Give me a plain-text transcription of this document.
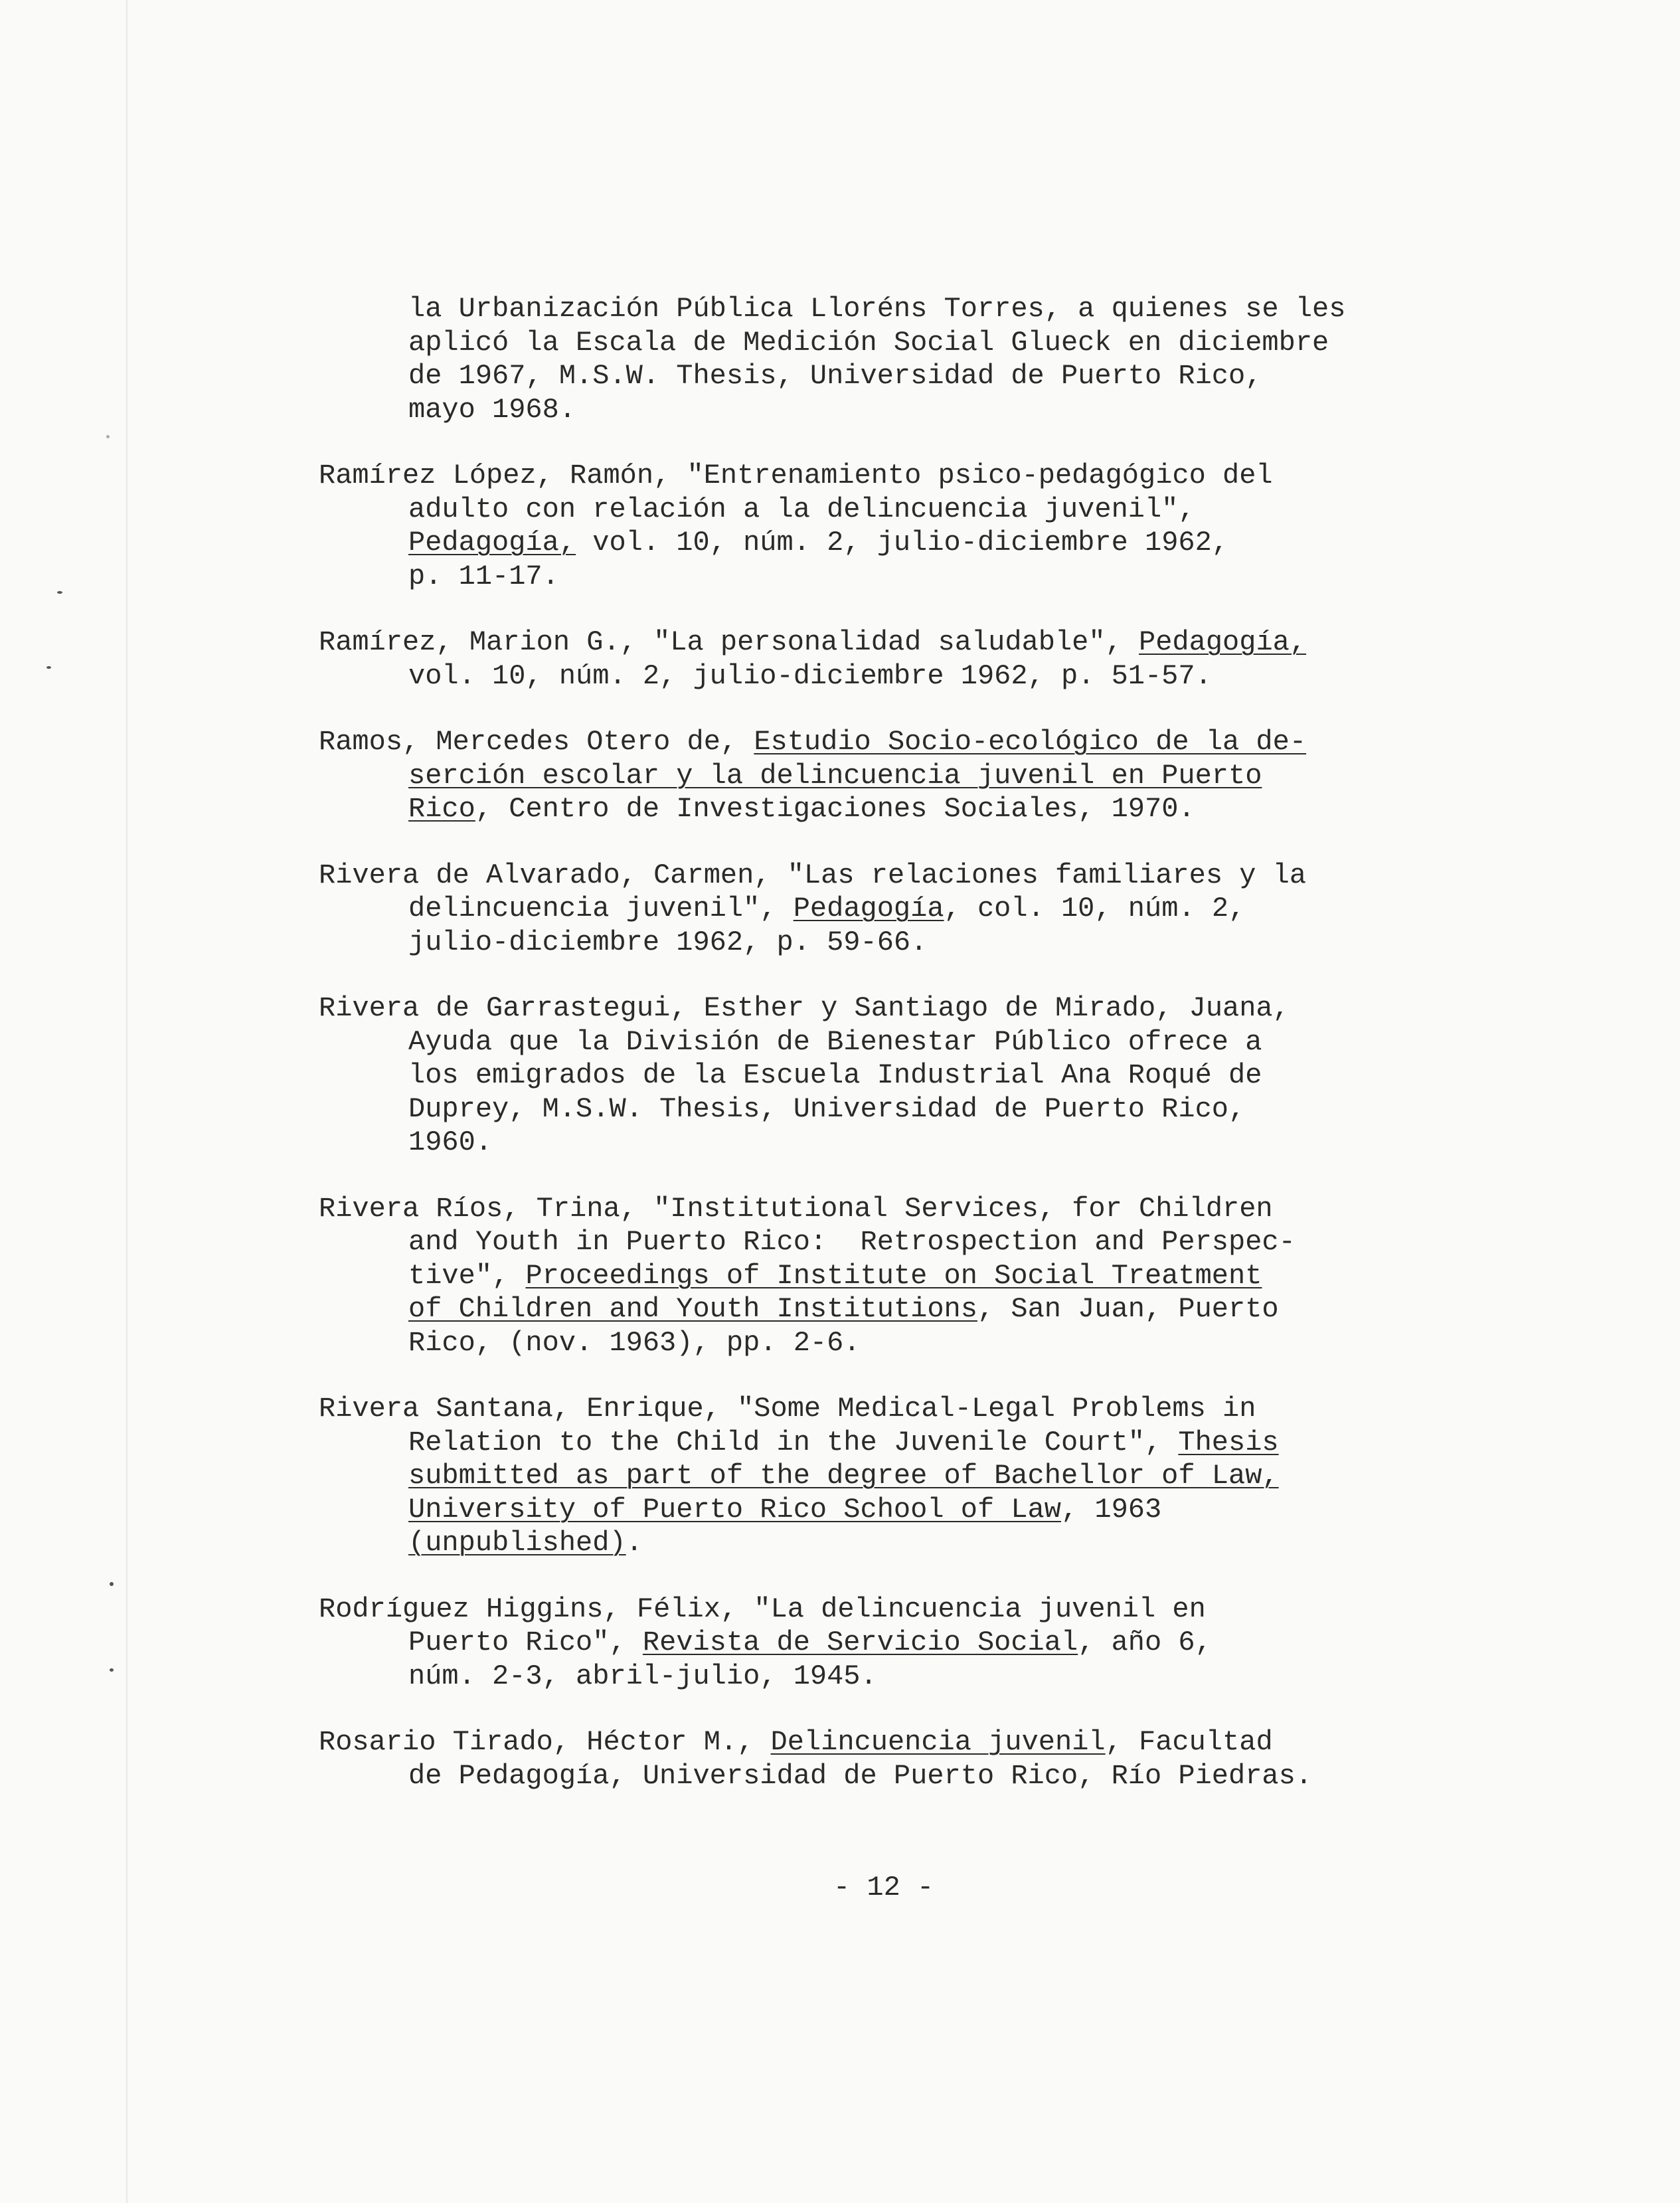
la Urbanización Pública Lloréns Torres, a quienes se les
aplicó la Escala de Medición Social Glueck en diciembre
de 1967, M.S.W. Thesis, Universidad de Puerto Rico,
mayo 1968.
Ramírez López, Ramón, "Entrenamiento psico-pedagógico del
adulto con relación a la delincuencia juvenil",
Pedagogía, vol. 10, núm. 2, julio-diciembre 1962,
p. 11-17.
Ramírez, Marion G., "La personalidad saludable", Pedagogía,
vol. 10, núm. 2, julio-diciembre 1962, p. 51-57.
Ramos, Mercedes Otero de, Estudio Socio-ecológico de la de-
serción escolar y la delincuencia juvenil en Puerto
Rico, Centro de Investigaciones Sociales, 1970.
Rivera de Alvarado, Carmen, "Las relaciones familiares y la
delincuencia juvenil", Pedagogía, col. 10, núm. 2,
julio-diciembre 1962, p. 59-66.
Rivera de Garrastegui, Esther y Santiago de Mirado, Juana,
Ayuda que la División de Bienestar Público ofrece a
los emigrados de la Escuela Industrial Ana Roqué de
Duprey, M.S.W. Thesis, Universidad de Puerto Rico,
1960.
Rivera Ríos, Trina, "Institutional Services, for Children
and Youth in Puerto Rico:  Retrospection and Perspec-
tive", Proceedings of Institute on Social Treatment
of Children and Youth Institutions, San Juan, Puerto
Rico, (nov. 1963), pp. 2-6.
Rivera Santana, Enrique, "Some Medical-Legal Problems in
Relation to the Child in the Juvenile Court", Thesis
submitted as part of the degree of Bachellor of Law,
University of Puerto Rico School of Law, 1963
(unpublished).
Rodríguez Higgins, Félix, "La delincuencia juvenil en
Puerto Rico", Revista de Servicio Social, año 6,
núm. 2-3, abril-julio, 1945.
Rosario Tirado, Héctor M., Delincuencia juvenil, Facultad
de Pedagogía, Universidad de Puerto Rico, Río Piedras.
- 12 -
